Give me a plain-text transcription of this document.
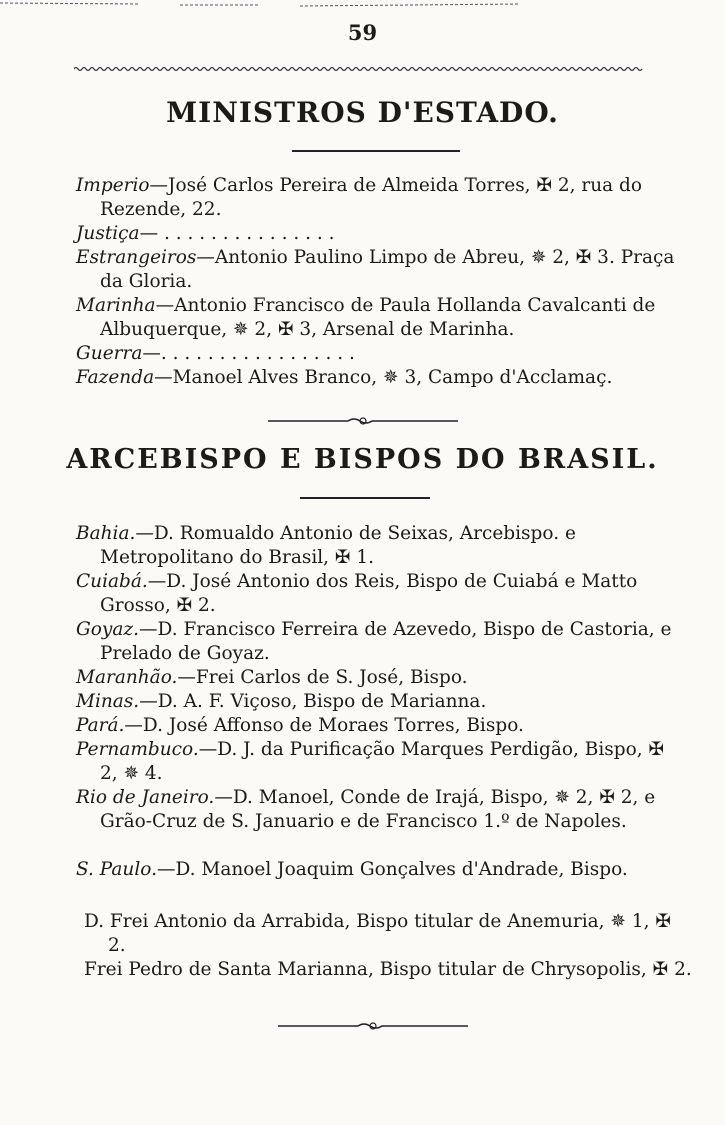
59
MINISTROS D'ESTADO.
Imperio—José Carlos Pereira de Almeida Torres, ✠ 2, rua do Rezende, 22.
Justiça— . . . . . . . . . . . . . . .
Estrangeiros—Antonio Paulino Limpo de Abreu, ✵ 2, ✠ 3. Praça da Gloria.
Marinha—Antonio Francisco de Paula Hollanda Cavalcanti de Albuquerque, ✵ 2, ✠ 3, Arsenal de Marinha.
Guerra—. . . . . . . . . . . . . . . . .
Fazenda—Manoel Alves Branco, ✵ 3, Campo d'Acclamaç.
ARCEBISPO E BISPOS DO BRASIL.
Bahia.—D. Romualdo Antonio de Seixas, Arcebispo. e Metropolitano do Brasil, ✠ 1.
Cuiabá.—D. José Antonio dos Reis, Bispo de Cuiabá e Matto Grosso, ✠ 2.
Goyaz.—D. Francisco Ferreira de Azevedo, Bispo de Castoria, e Prelado de Goyaz.
Maranhão.—Frei Carlos de S. José, Bispo.
Minas.—D. A. F. Viçoso, Bispo de Marianna.
Pará.—D. José Affonso de Moraes Torres, Bispo.
Pernambuco.—D. J. da Purificação Marques Perdigão, Bispo, ✠ 2, ✵ 4.
Rio de Janeiro.—D. Manoel, Conde de Irajá, Bispo, ✵ 2, ✠ 2, e Grão-Cruz de S. Januario e de Francisco 1.º de Napoles.
S. Paulo.—D. Manoel Joaquim Gonçalves d'Andrade, Bispo.
D. Frei Antonio da Arrabida, Bispo titular de Anemuria, ✵ 1, ✠ 2.
Frei Pedro de Santa Marianna, Bispo titular de Chrysopolis, ✠ 2.
